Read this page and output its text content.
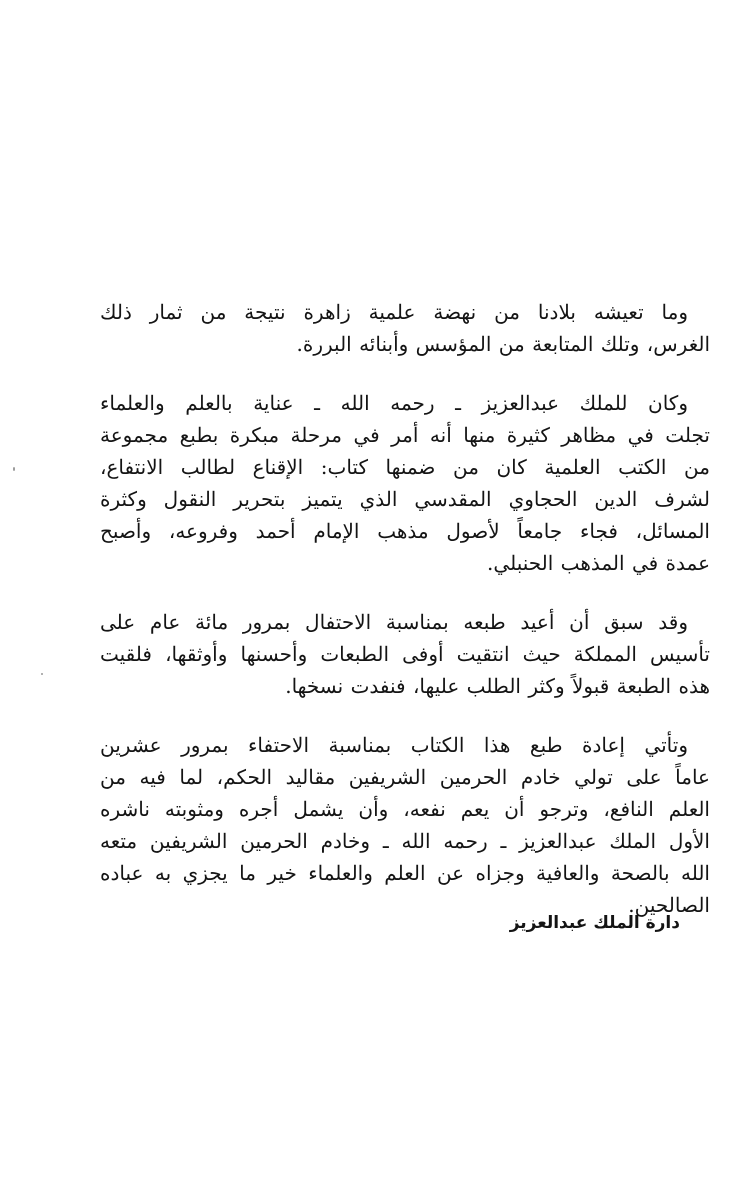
وما تعيشه بلادنا من نهضة علمية زاهرة نتيجة من ثمار ذلك
الغرس، وتلك المتابعة من المؤسس وأبنائه البررة.
وكان للملك عبدالعزيز ـ رحمه الله ـ عناية بالعلم والعلماء
تجلت في مظاهر كثيرة منها أنه أمر في مرحلة مبكرة بطبع مجموعة
من الكتب العلمية كان من ضمنها كتاب: الإقناع لطالب الانتفاع،
لشرف الدين الحجاوي المقدسي الذي يتميز بتحرير النقول وكثرة
المسائل، فجاء جامعاً لأصول مذهب الإمام أحمد وفروعه، وأصبح
عمدة في المذهب الحنبلي.
وقد سبق أن أعيد طبعه بمناسبة الاحتفال بمرور مائة عام على
تأسيس المملكة حيث انتقيت أوفى الطبعات وأحسنها وأوثقها، فلقيت
هذه الطبعة قبولاً وكثر الطلب عليها، فنفدت نسخها.
وتأتي إعادة طبع هذا الكتاب بمناسبة الاحتفاء بمرور عشرين
عاماً على تولي خادم الحرمين الشريفين مقاليد الحكم، لما فيه من
العلم النافع، وترجو أن يعم نفعه، وأن يشمل أجره ومثوبته ناشره
الأول الملك عبدالعزيز ـ رحمه الله ـ وخادم الحرمين الشريفين متعه
الله بالصحة والعافية وجزاه عن العلم والعلماء خير ما يجزي به عباده
الصالحين.
دارة الملك عبدالعزيز
